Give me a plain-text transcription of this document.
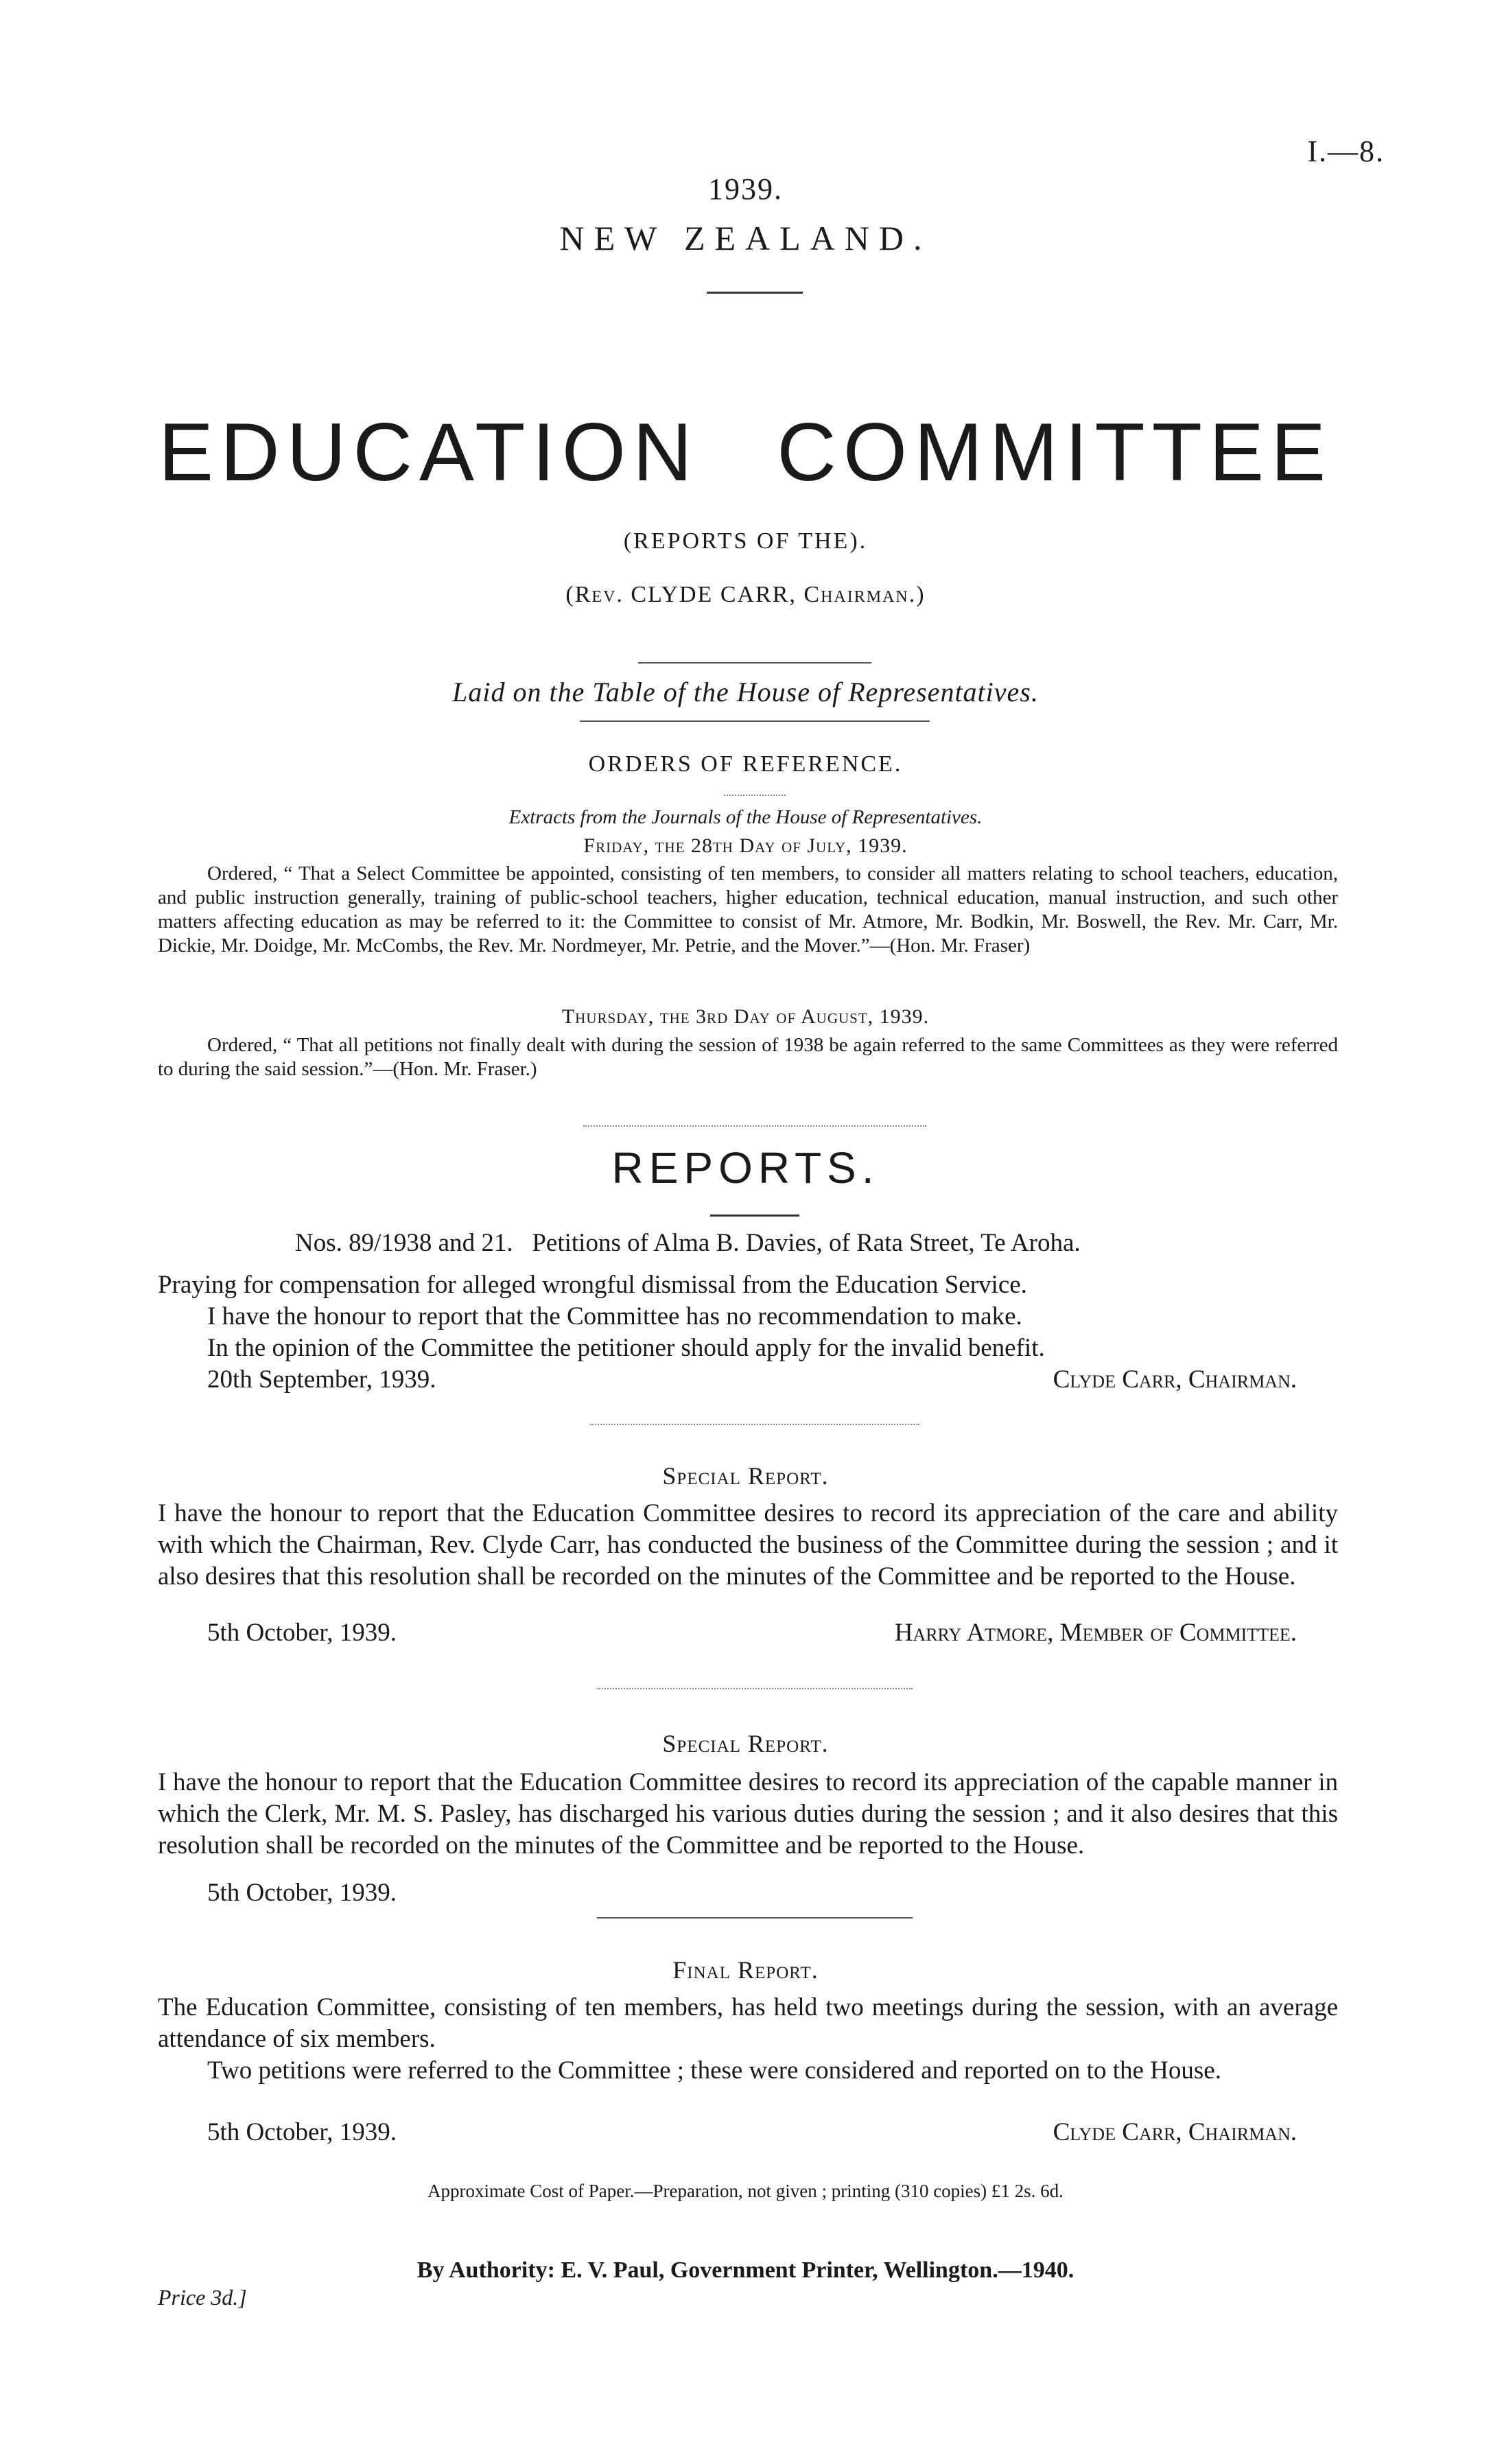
I.—8.
1939.
NEW ZEALAND.
EDUCATION COMMITTEE
(REPORTS OF THE).
(Rev. CLYDE CARR, Chairman.)
Laid on the Table of the House of Representatives.
ORDERS OF REFERENCE.
Extracts from the Journals of the House of Representatives.
Friday, the 28th Day of July, 1939.
Ordered, “ That a Select Committee be appointed, consisting of ten members, to consider all matters relating to school teachers, education, and public instruction generally, training of public-school teachers, higher education, technical education, manual instruction, and such other matters affecting education as may be referred to it: the Committee to consist of Mr. Atmore, Mr. Bodkin, Mr. Boswell, the Rev. Mr. Carr, Mr. Dickie, Mr. Doidge, Mr. McCombs, the Rev. Mr. Nordmeyer, Mr. Petrie, and the Mover.”—(Hon. Mr. Fraser)
Thursday, the 3rd Day of August, 1939.
Ordered, “ That all petitions not finally dealt with during the session of 1938 be again referred to the same Committees as they were referred to during the said session.”—(Hon. Mr. Fraser.)
REPORTS.
Nos. 89/1938 and 21.   Petitions of Alma B. Davies, of Rata Street, Te Aroha.
Praying for compensation for alleged wrongful dismissal from the Education Service.
I have the honour to report that the Committee has no recommendation to make.
In the opinion of the Committee the petitioner should apply for the invalid benefit.
20th September, 1939.	Clyde Carr, Chairman.
Special Report.
I have the honour to report that the Education Committee desires to record its appreciation of the care and ability with which the Chairman, Rev. Clyde Carr, has conducted the business of the Committee during the session ; and it also desires that this resolution shall be recorded on the minutes of the Committee and be reported to the House.
5th October, 1939.	Harry Atmore, Member of Committee.
Special Report.
I have the honour to report that the Education Committee desires to record its appreciation of the capable manner in which the Clerk, Mr. M. S. Pasley, has discharged his various duties during the session ; and it also desires that this resolution shall be recorded on the minutes of the Committee and be reported to the House.
5th October, 1939.
Final Report.
The Education Committee, consisting of ten members, has held two meetings during the session, with an average attendance of six members.
Two petitions were referred to the Committee ; these were considered and reported on to the House.
5th October, 1939.	Clyde Carr, Chairman.
Approximate Cost of Paper.—Preparation, not given ; printing (310 copies) £1 2s. 6d.
By Authority: E. V. Paul, Government Printer, Wellington.—1940.
Price 3d.]
